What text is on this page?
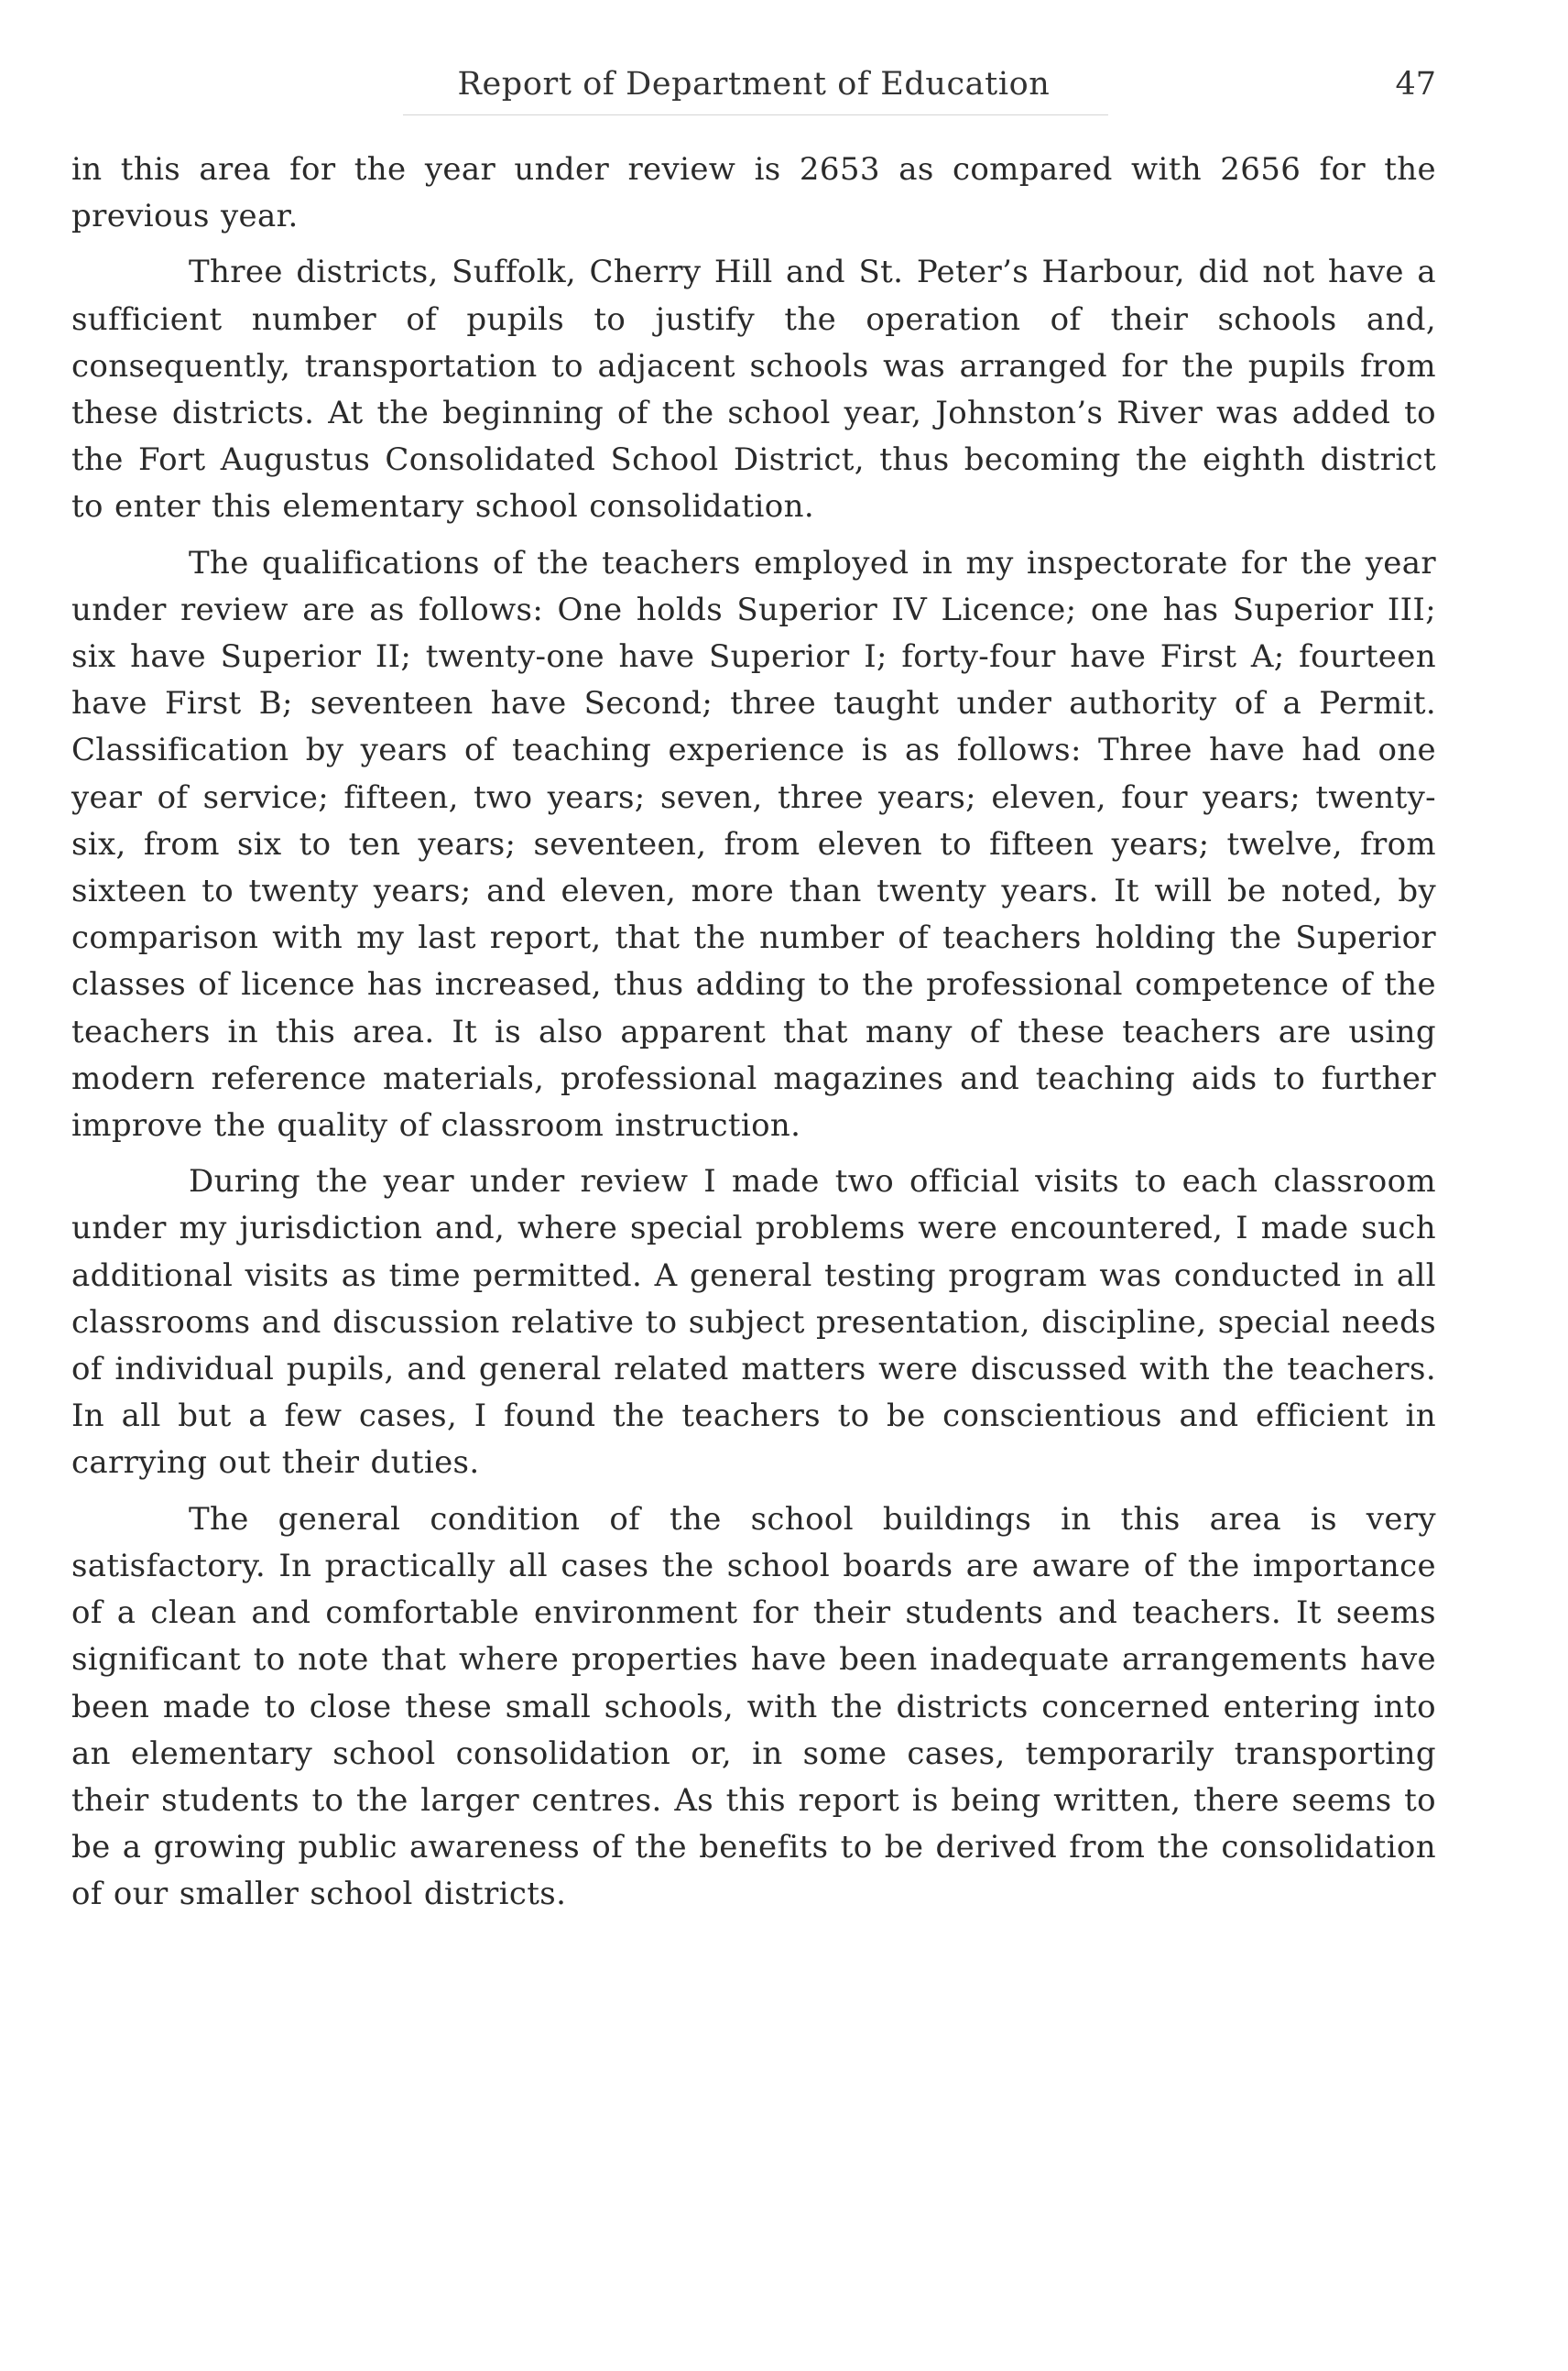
Report of Department of Education	47

in this area for the year under review is 2653 as compared with 2656 for the previous year.

Three districts, Suffolk, Cherry Hill and St. Peter’s Harbour, did not have a sufficient number of pupils to justify the operation of their schools and, consequently, transportation to adjacent schools was arranged for the pupils from these districts. At the beginning of the school year, Johnston’s River was added to the Fort Augustus Consolidated School District, thus becoming the eighth district to enter this elementary school consolidation.

The qualifications of the teachers employed in my inspectorate for the year under review are as follows: One holds Superior IV Licence; one has Superior III; six have Superior II; twenty-one have Superior I; forty-four have First A; fourteen have First B; seventeen have Second; three taught under authority of a Permit. Classification by years of teaching experience is as follows: Three have had one year of service; fifteen, two years; seven, three years; eleven, four years; twenty-six, from six to ten years; seventeen, from eleven to fifteen years; twelve, from sixteen to twenty years; and eleven, more than twenty years. It will be noted, by comparison with my last report, that the number of teachers holding the Superior classes of licence has increased, thus adding to the professional competence of the teachers in this area. It is also apparent that many of these teachers are using modern reference materials, professional magazines and teaching aids to further improve the quality of classroom instruction.

During the year under review I made two official visits to each classroom under my jurisdiction and, where special problems were encountered, I made such additional visits as time permitted. A general testing program was conducted in all classrooms and discussion relative to subject presentation, discipline, special needs of individual pupils, and general related matters were discussed with the teachers. In all but a few cases, I found the teachers to be conscientious and efficient in carrying out their duties.

The general condition of the school buildings in this area is very satisfactory. In practically all cases the school boards are aware of the importance of a clean and comfortable environment for their students and teachers. It seems significant to note that where properties have been inadequate arrangements have been made to close these small schools, with the districts concerned entering into an elementary school consolidation or, in some cases, temporarily transporting their students to the larger centres. As this report is being written, there seems to be a growing public awareness of the benefits to be derived from the consolidation of our smaller school districts.
